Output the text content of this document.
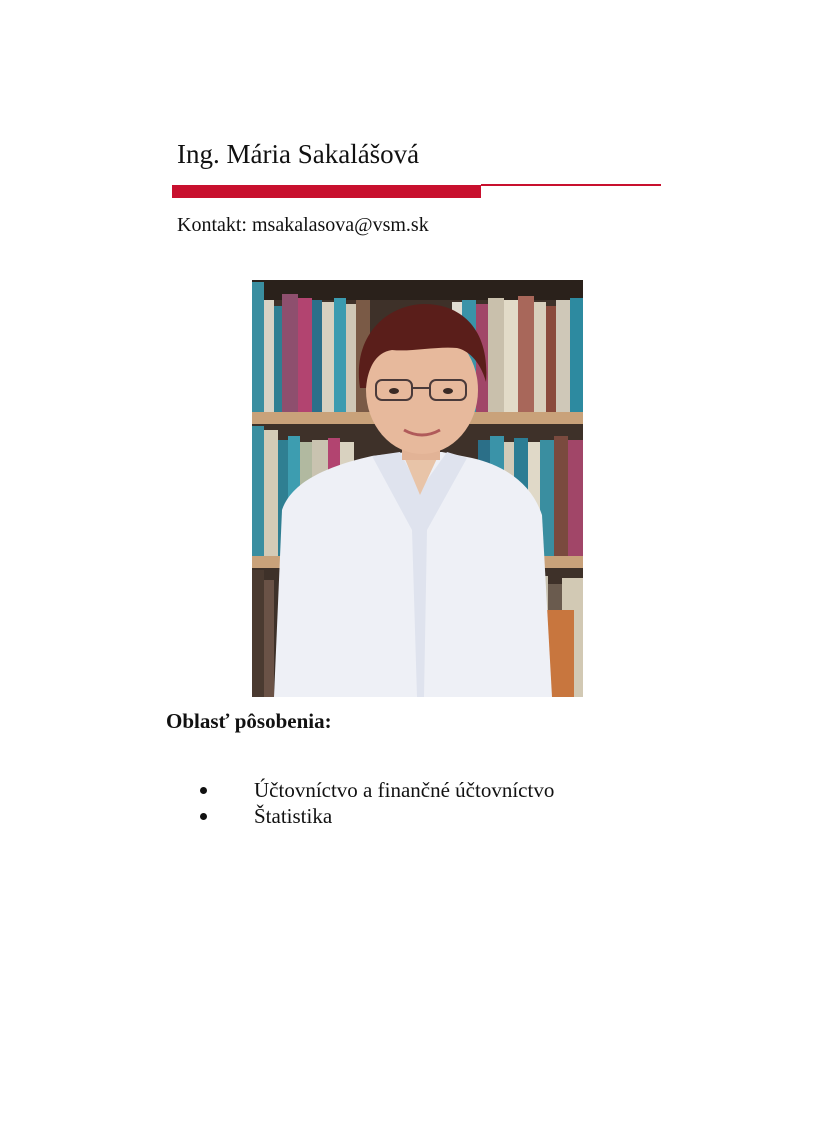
Ing. Mária Sakalášová
Kontakt: msakalasova@vsm.sk
Oblasť pôsobenia:
Účtovníctvo a finančné účtovníctvo
Štatistika
